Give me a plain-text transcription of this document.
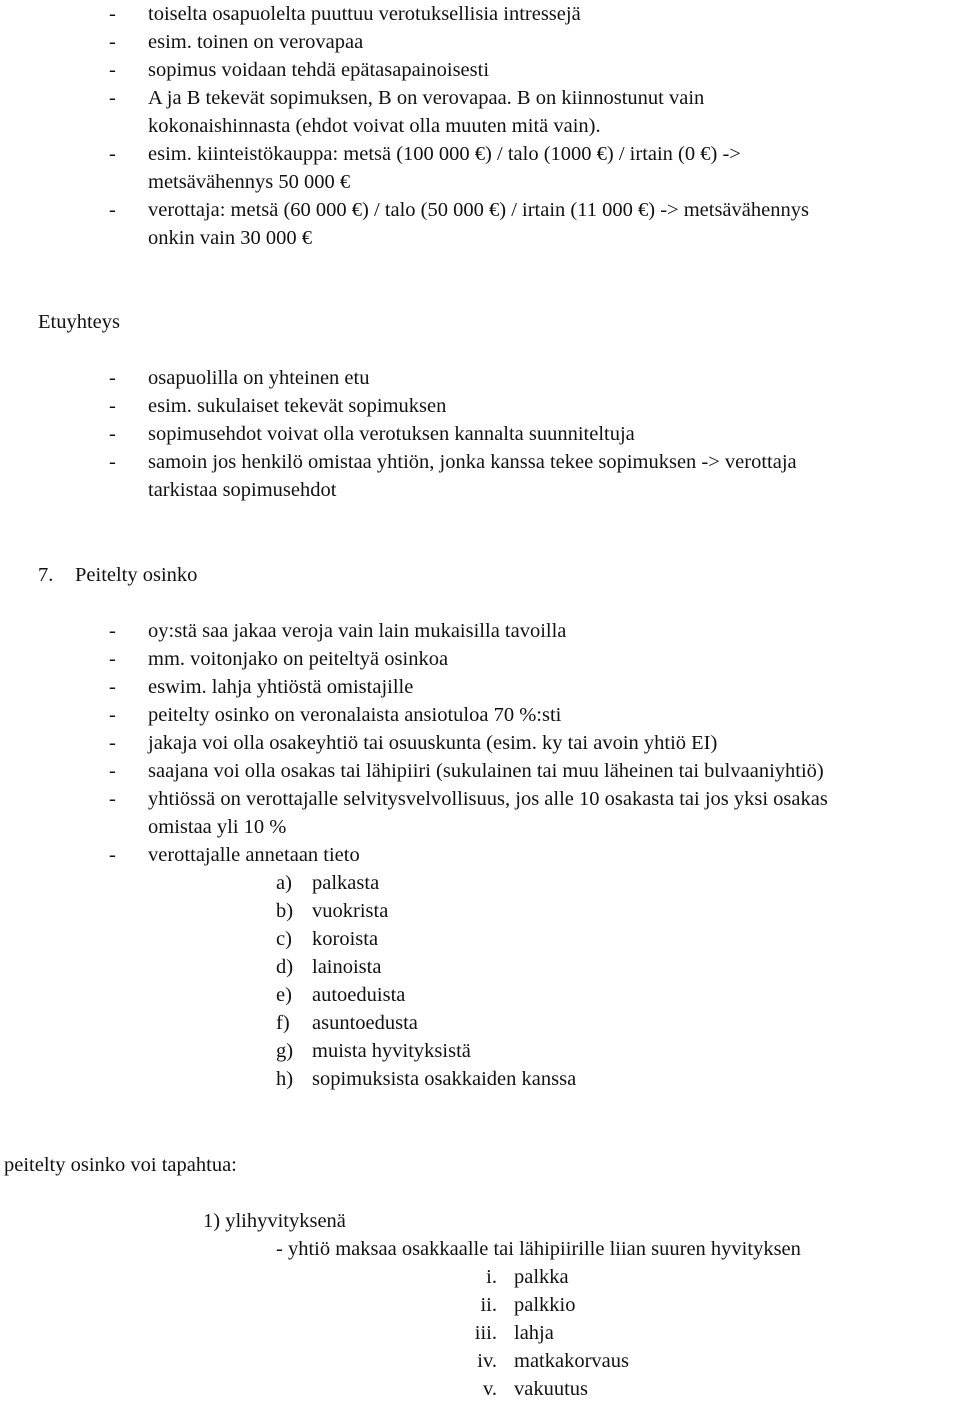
- toiselta osapuolelta puuttuu verotuksellisia intressejä
- esim. toinen on verovapaa
- sopimus voidaan tehdä epätasapainoisesti
- A ja B tekevät sopimuksen, B on verovapaa. B on kiinnostunut vain
kokonaishinnasta (ehdot voivat olla muuten mitä vain).
- esim. kiinteistökauppa: metsä (100 000 €) / talo (1000 €) / irtain (0 €) ->
metsävähennys 50 000 €
- verottaja: metsä (60 000 €) / talo (50 000 €) / irtain (11 000 €) -> metsävähennys
onkin vain 30 000 €
Etuyhteys
- osapuolilla on yhteinen etu
- esim. sukulaiset tekevät sopimuksen
- sopimusehdot voivat olla verotuksen kannalta suunniteltuja
- samoin jos henkilö omistaa yhtiön, jonka kanssa tekee sopimuksen -> verottaja
tarkistaa sopimusehdot
7. Peitelty osinko
- oy:stä saa jakaa veroja vain lain mukaisilla tavoilla
- mm. voitonjako on peiteltyä osinkoa
- eswim. lahja yhtiöstä omistajille
- peitelty osinko on veronalaista ansiotuloa 70 %:sti
- jakaja voi olla osakeyhtiö tai osuuskunta (esim. ky tai avoin yhtiö EI)
- saajana voi olla osakas tai lähipiiri (sukulainen tai muu läheinen tai bulvaaniyhtiö)
- yhtiössä on verottajalle selvitysvelvollisuus, jos alle 10 osakasta tai jos yksi osakas
omistaa yli 10 %
- verottajalle annetaan tieto
a) palkasta
b) vuokrista
c) koroista
d) lainoista
e) autoeduista
f) asuntoedusta
g) muista hyvityksistä
h) sopimuksista osakkaiden kanssa
peitelty osinko voi tapahtua:
1) ylihyvityksenä
- yhtiö maksaa osakkaalle tai lähipiirille liian suuren hyvityksen
i. palkka
ii. palkkio
iii. lahja
iv. matkakorvaus
v. vakuutus
